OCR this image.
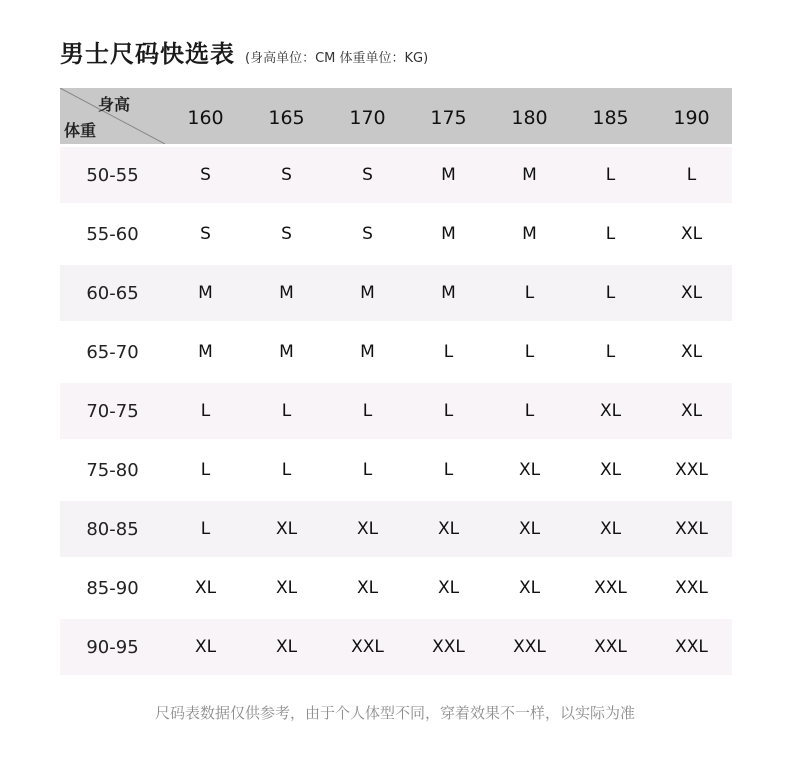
男士尺码快选表 (身高单位：CM 体重单位：KG)
身高
体重
160	165	170	175	180	185	190
50-55	S	S	S	M	M	L	L
55-60	S	S	S	M	M	L	XL
60-65	M	M	M	M	L	L	XL
65-70	M	M	M	L	L	L	XL
70-75	L	L	L	L	L	XL	XL
75-80	L	L	L	L	XL	XL	XXL
80-85	L	XL	XL	XL	XL	XL	XXL
85-90	XL	XL	XL	XL	XL	XXL	XXL
90-95	XL	XL	XXL	XXL	XXL	XXL	XXL
尺码表数据仅供参考，由于个人体型不同，穿着效果不一样，以实际为准
